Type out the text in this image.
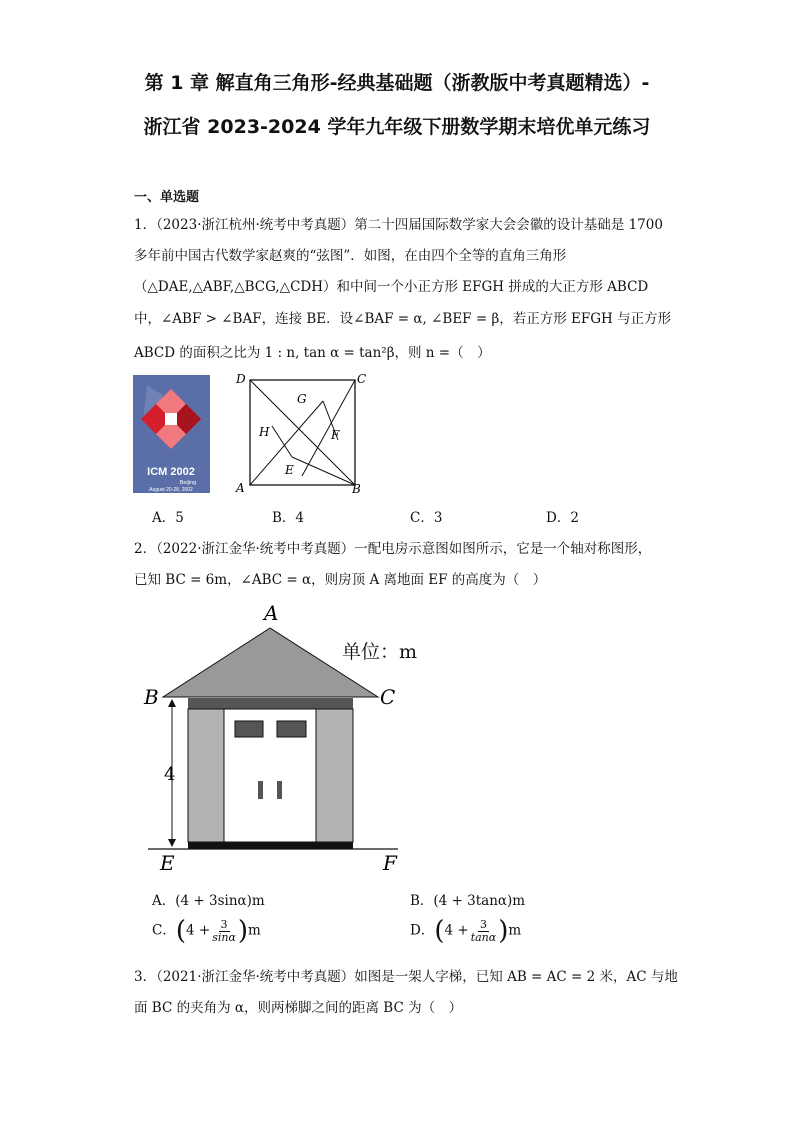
第 1 章 解直角三角形-经典基础题（浙教版中考真题精选）-
浙江省 2023-2024 学年九年级下册数学期末培优单元练习
一、单选题
1．（2023·浙江杭州·统考中考真题）第二十四届国际数学家大会会徽的设计基础是 1700
多年前中国古代数学家赵爽的“弦图”．如图，在由四个全等的直角三角形
（△DAE,△ABF,△BCG,△CDH）和中间一个小正方形 EFGH 拼成的大正方形 ABCD
中，∠ABF > ∠BAF，连接 BE．设∠BAF = α, ∠BEF = β，若正方形 EFGH 与正方形
ABCD 的面积之比为 1 : n, tan α = tan²β，则 n =（　）
ICM 2002
Beijing
August 20-28, 2002
D	C
G
H	F
E
A	B
A．5	B．4	C．3	D．2
2．（2022·浙江金华·统考中考真题）一配电房示意图如图所示，它是一个轴对称图形，
已知 BC = 6m，∠ABC = α，则房顶 A 离地面 EF 的高度为（　）
A
B	C
4
E	F
单位：m
A．(4 + 3sinα)m	B．(4 + 3tanα)m
C．$(4 + \frac{3}{\sin\alpha} )m$	D．$(4 + \frac{3}{\tan\alpha} )m$
3．（2021·浙江金华·统考中考真题）如图是一架人字梯，已知 AB = AC = 2 米，AC 与地
面 BC 的夹角为 α，则两梯脚之间的距离 BC 为（　）
